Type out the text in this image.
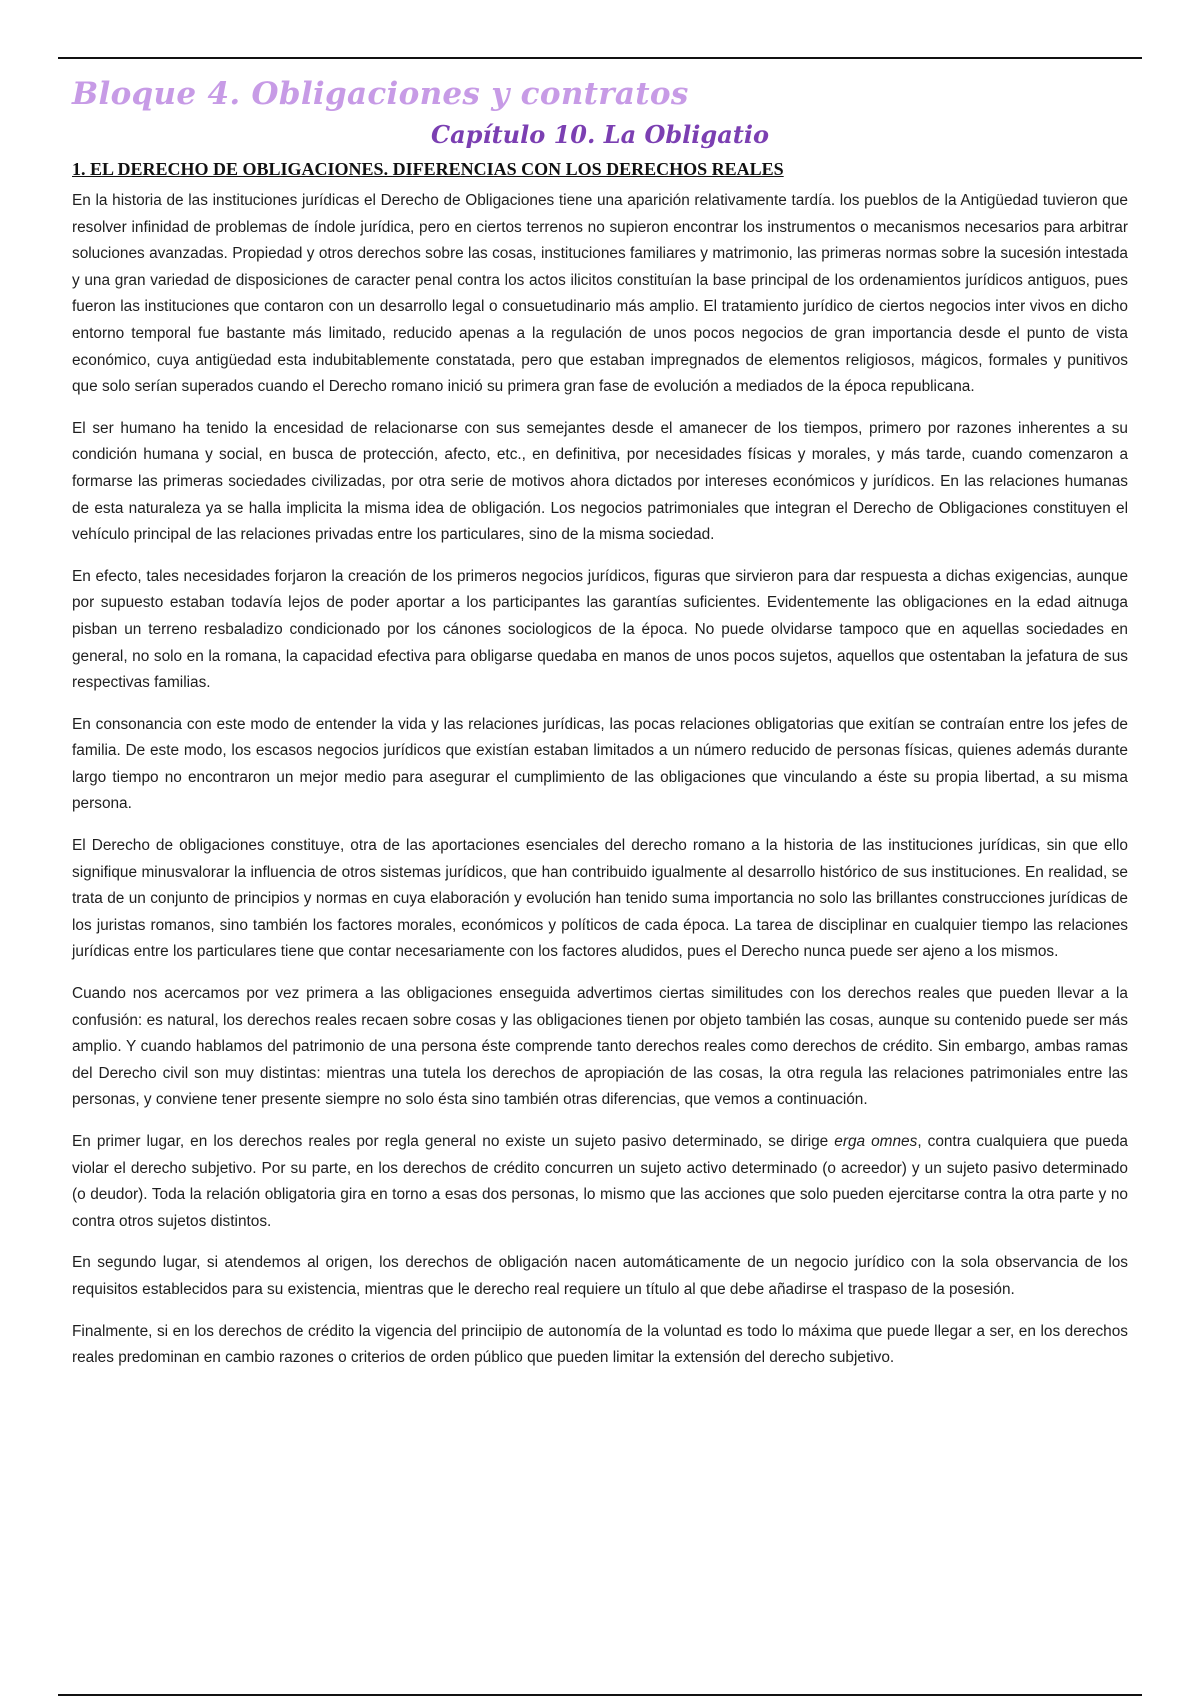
Bloque 4. Obligaciones y contratos
Capítulo 10. La Obligatio
1. EL DERECHO DE OBLIGACIONES. DIFERENCIAS CON LOS DERECHOS REALES

En la historia de las instituciones jurídicas el Derecho de Obligaciones tiene una aparición relativamente tardía. los pueblos de la Antigüedad tuvieron que resolver infinidad de problemas de índole jurídica, pero en ciertos terrenos no supieron encontrar los instrumentos o mecanismos necesarios para arbitrar soluciones avanzadas. Propiedad y otros derechos sobre las cosas, instituciones familiares y matrimonio, las primeras normas sobre la sucesión intestada y una gran variedad de disposiciones de caracter penal contra los actos ilicitos constituían la base principal de los ordenamientos jurídicos antiguos, pues fueron las instituciones que contaron con un desarrollo legal o consuetudinario más amplio. El tratamiento jurídico de ciertos negocios inter vivos en dicho entorno temporal fue bastante más limitado, reducido apenas a la regulación de unos pocos negocios de gran importancia desde el punto de vista económico, cuya antigüedad esta indubitablemente constatada, pero que estaban impregnados de elementos religiosos, mágicos, formales y punitivos que solo serían superados cuando el Derecho romano inició su primera gran fase de evolución a mediados de la época republicana.

El ser humano ha tenido la encesidad de relacionarse con sus semejantes desde el amanecer de los tiempos, primero por razones inherentes a su condición humana y social, en busca de protección, afecto, etc., en definitiva, por necesidades físicas y morales, y más tarde, cuando comenzaron a formarse las primeras sociedades civilizadas, por otra serie de motivos ahora dictados por intereses económicos y jurídicos. En las relaciones humanas de esta naturaleza ya se halla implicita la misma idea de obligación. Los negocios patrimoniales que integran el Derecho de Obligaciones constituyen el vehículo principal de las relaciones privadas entre los particulares, sino de la misma sociedad.

En efecto, tales necesidades forjaron la creación de los primeros negocios jurídicos, figuras que sirvieron para dar respuesta a dichas exigencias, aunque por supuesto estaban todavía lejos de poder aportar a los participantes las garantías suficientes. Evidentemente las obligaciones en la edad aitnuga pisban un terreno resbaladizo condicionado por los cánones sociologicos de la época. No puede olvidarse tampoco que en aquellas sociedades en general, no solo en la romana, la capacidad efectiva para obligarse quedaba en manos de unos pocos sujetos, aquellos que ostentaban la jefatura de sus respectivas familias.

En consonancia con este modo de entender la vida y las relaciones jurídicas, las pocas relaciones obligatorias que exitían se contraían entre los jefes de familia. De este modo, los escasos negocios jurídicos que existían estaban limitados a un número reducido de personas físicas, quienes además durante largo tiempo no encontraron un mejor medio para asegurar el cumplimiento de las obligaciones que vinculando a éste su propia libertad, a su misma persona.

El Derecho de obligaciones constituye, otra de las aportaciones esenciales del derecho romano a la historia de las instituciones jurídicas, sin que ello signifique minusvalorar la influencia de otros sistemas jurídicos, que han contribuido igualmente al desarrollo histórico de sus instituciones. En realidad, se trata de un conjunto de principios y normas en cuya elaboración y evolución han tenido suma importancia no solo las brillantes construcciones jurídicas de los juristas romanos, sino también los factores morales, económicos y políticos de cada época. La tarea de disciplinar en cualquier tiempo las relaciones jurídicas entre los particulares tiene que contar necesariamente con los factores aludidos, pues el Derecho nunca puede ser ajeno a los mismos.

Cuando nos acercamos por vez primera a las obligaciones enseguida advertimos ciertas similitudes con los derechos reales que pueden llevar a la confusión: es natural, los derechos reales recaen sobre cosas y las obligaciones tienen por objeto también las cosas, aunque su contenido puede ser más amplio. Y cuando hablamos del patrimonio de una persona éste comprende tanto derechos reales como derechos de crédito. Sin embargo, ambas ramas del Derecho civil son muy distintas: mientras una tutela los derechos de apropiación de las cosas, la otra regula las relaciones patrimoniales entre las personas, y conviene tener presente siempre no solo ésta sino también otras diferencias, que vemos a continuación.

En primer lugar, en los derechos reales por regla general no existe un sujeto pasivo determinado, se dirige erga omnes, contra cualquiera que pueda violar el derecho subjetivo. Por su parte, en los derechos de crédito concurren un sujeto activo determinado (o acreedor) y un sujeto pasivo determinado (o deudor). Toda la relación obligatoria gira en torno a esas dos personas, lo mismo que las acciones que solo pueden ejercitarse contra la otra parte y no contra otros sujetos distintos.

En segundo lugar, si atendemos al origen, los derechos de obligación nacen automáticamente de un negocio jurídico con la sola observancia de los requisitos establecidos para su existencia, mientras que le derecho real requiere un título al que debe añadirse el traspaso de la posesión.

Finalmente, si en los derechos de crédito la vigencia del princiipio de autonomía de la voluntad es todo lo máxima que puede llegar a ser, en los derechos reales predominan en cambio razones o criterios de orden público que pueden limitar la extensión del derecho subjetivo.
